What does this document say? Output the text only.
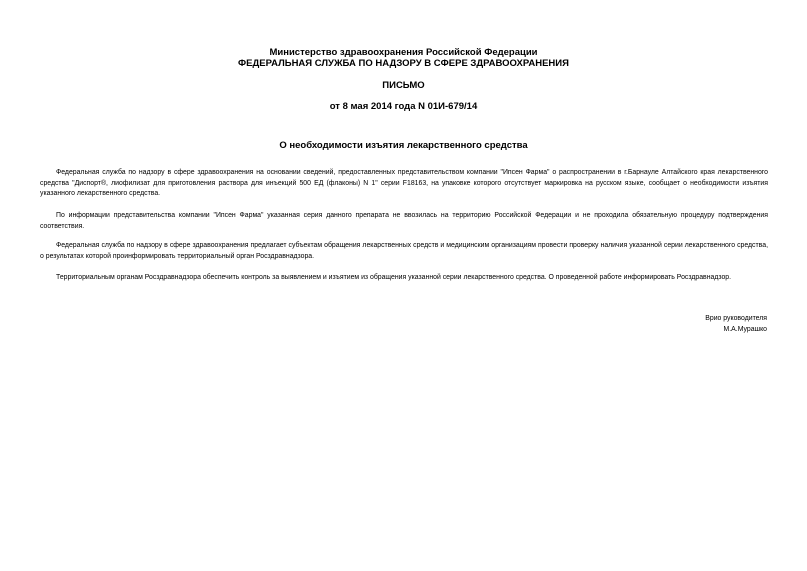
Министерство здравоохранения Российской Федерации
ФЕДЕРАЛЬНАЯ СЛУЖБА ПО НАДЗОРУ В СФЕРЕ ЗДРАВООХРАНЕНИЯ
ПИСЬМО
от 8 мая 2014 года N 01И-679/14
О необходимости изъятия лекарственного средства

Федеральная служба по надзору в сфере здравоохранения на основании сведений, предоставленных представительством компании "Ипсен Фарма" о распространении в г.Барнауле Алтайского края лекарственного средства "Диспорт®, лиофилизат для приготовления раствора для инъекций 500 ЕД (флаконы) N 1" серии F18163, на упаковке которого отсутствует маркировка на русском языке, сообщает о необходимости изъятия указанного лекарственного средства.

По информации представительства компании "Ипсен Фарма" указанная серия данного препарата не ввозилась на территорию Российской Федерации и не проходила обязательную процедуру подтверждения соответствия.

Федеральная служба по надзору в сфере здравоохранения предлагает субъектам обращения лекарственных средств и медицинским организациям провести проверку наличия указанной серии лекарственного средства, о результатах которой проинформировать территориальный орган Росздравнадзора.

Территориальным органам Росздравнадзора обеспечить контроль за выявлением и изъятием из обращения указанной серии лекарственного средства. О проведенной работе информировать Росздравнадзор.

Врио руководителя
М.А.Мурашко
